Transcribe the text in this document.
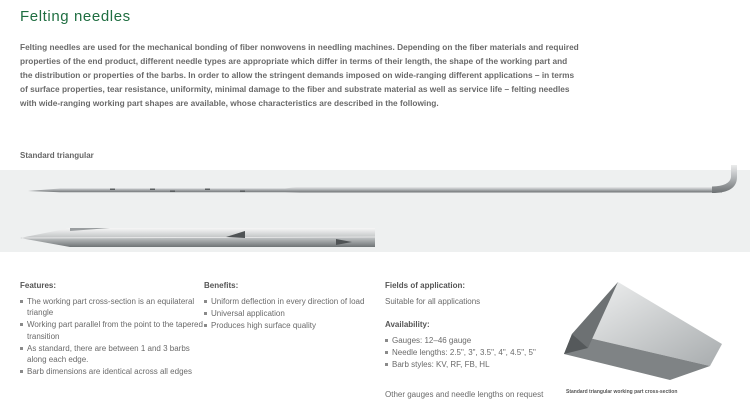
Felting needles

Felting needles are used for the mechanical bonding of fiber nonwovens in needling machines. Depending on the fiber materials and required properties of the end product, different needle types are appropriate which differ in terms of their length, the shape of the working part and the distribution or properties of the barbs. In order to allow the stringent demands imposed on wide-ranging different applications – in terms of surface properties, tear resistance, uniformity, minimal damage to the fiber and substrate material as well as service life – felting needles with wide-ranging working part shapes are available, whose characteristics are described in the following.

Standard triangular

Features:

The working part cross-section is an equilateral triangle
Working part parallel from the point to the tapered transition
As standard, there are between 1 and 3 barbs along each edge.
Barb dimensions are identical across all edges

Benefits:

Uniform deflection in every direction of load
Universal application
Produces high surface quality

Fields of application:

Suitable for all applications

Availability:

Gauges: 12–46 gauge
Needle lengths: 2.5", 3", 3.5", 4", 4.5", 5"
Barb styles: KV, RF, FB, HL

Other gauges and needle lengths on request	Standard triangular working part cross-section
